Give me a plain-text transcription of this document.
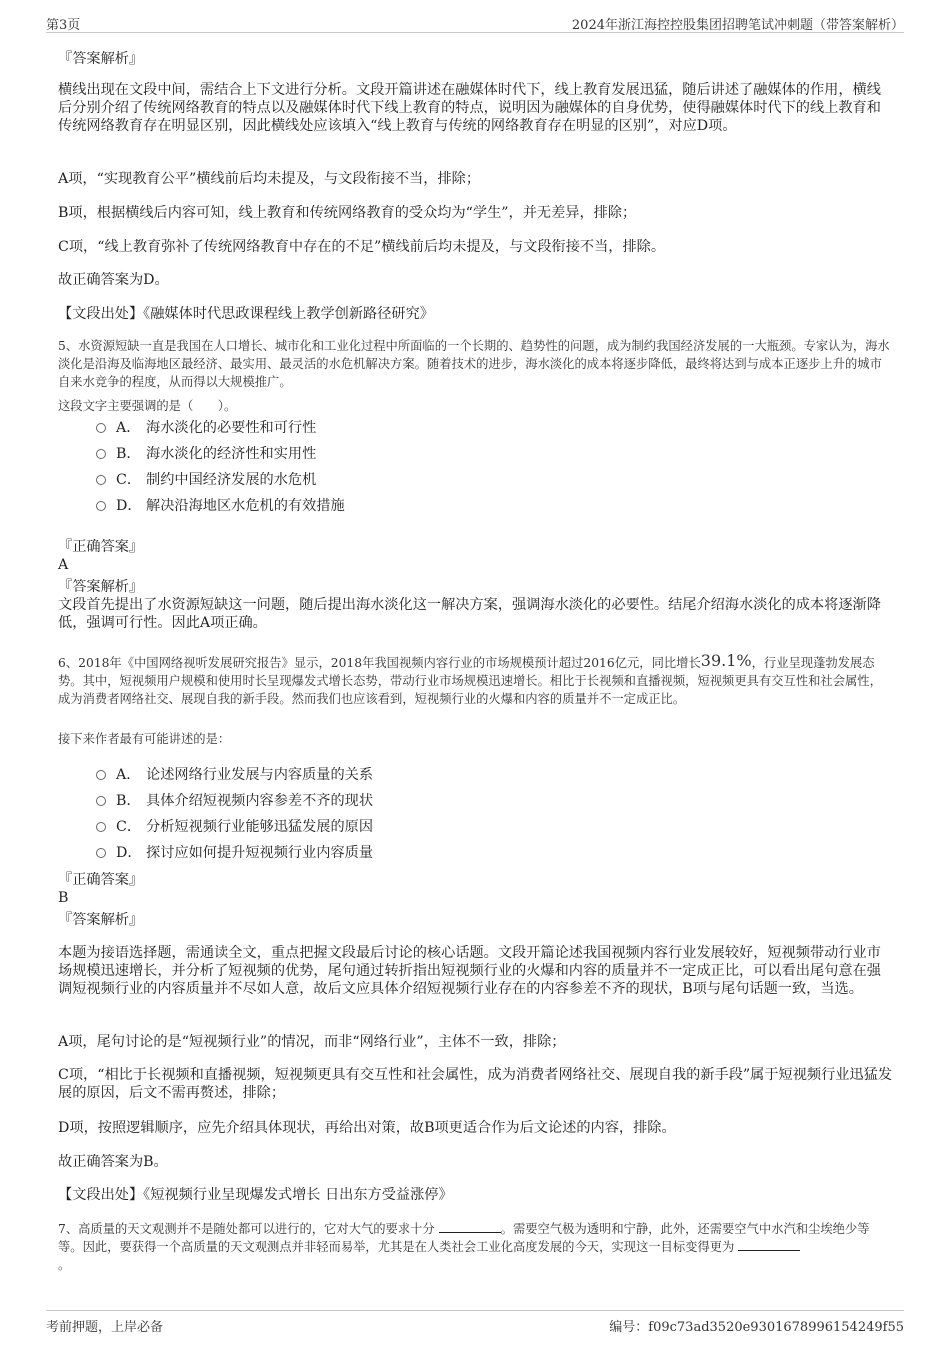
第3页	2024年浙江海控控股集团招聘笔试冲刺题（带答案解析）
『答案解析』
横线出现在文段中间，需结合上下文进行分析。文段开篇讲述在融媒体时代下，线上教育发展迅猛，随后讲述了融媒体的作用，横线后分别介绍了传统网络教育的特点以及融媒体时代下线上教育的特点，说明因为融媒体的自身优势，使得融媒体时代下的线上教育和传统网络教育存在明显区别，因此横线处应该填入“线上教育与传统的网络教育存在明显的区别”，对应D项。
A项，“实现教育公平”横线前后均未提及，与文段衔接不当，排除；
B项，根据横线后内容可知，线上教育和传统网络教育的受众均为“学生”，并无差异，排除；
C项，“线上教育弥补了传统网络教育中存在的不足”横线前后均未提及，与文段衔接不当，排除。
故正确答案为D。
【文段出处】《融媒体时代思政课程线上教学创新路径研究》
5、水资源短缺一直是我国在人口增长、城市化和工业化过程中所面临的一个长期的、趋势性的问题，成为制约我国经济发展的一大瓶颈。专家认为，海水淡化是沿海及临海地区最经济、最实用、最灵活的水危机解决方案。随着技术的进步，海水淡化的成本将逐步降低，最终将达到与成本正逐步上升的城市自来水竞争的程度，从而得以大规模推广。
这段文字主要强调的是（　　）。
A． 海水淡化的必要性和可行性
B． 海水淡化的经济性和实用性
C． 制约中国经济发展的水危机
D． 解决沿海地区水危机的有效措施
『正确答案』
A
『答案解析』
文段首先提出了水资源短缺这一问题，随后提出海水淡化这一解决方案，强调海水淡化的必要性。结尾介绍海水淡化的成本将逐渐降低，强调可行性。因此A项正确。
6、2018年《中国网络视听发展研究报告》显示，2018年我国视频内容行业的市场规模预计超过2016亿元，同比增长39.1%，行业呈现蓬勃发展态势。其中，短视频用户规模和使用时长呈现爆发式增长态势，带动行业市场规模迅速增长。相比于长视频和直播视频，短视频更具有交互性和社会属性，成为消费者网络社交、展现自我的新手段。然而我们也应该看到，短视频行业的火爆和内容的质量并不一定成正比。
接下来作者最有可能讲述的是：
A． 论述网络行业发展与内容质量的关系
B． 具体介绍短视频内容参差不齐的现状
C． 分析短视频行业能够迅猛发展的原因
D． 探讨应如何提升短视频行业内容质量
『正确答案』
B
『答案解析』
本题为接语选择题，需通读全文，重点把握文段最后讨论的核心话题。文段开篇论述我国视频内容行业发展较好，短视频带动行业市场规模迅速增长，并分析了短视频的优势，尾句通过转折指出短视频行业的火爆和内容的质量并不一定成正比，可以看出尾句意在强调短视频行业的内容质量并不尽如人意，故后文应具体介绍短视频行业存在的内容参差不齐的现状，B项与尾句话题一致，当选。
A项，尾句讨论的是“短视频行业”的情况，而非“网络行业”，主体不一致，排除；
C项，“相比于长视频和直播视频，短视频更具有交互性和社会属性，成为消费者网络社交、展现自我的新手段”属于短视频行业迅猛发展的原因，后文不需再赘述，排除；
D项，按照逻辑顺序，应先介绍具体现状，再给出对策，故B项更适合作为后文论述的内容，排除。
故正确答案为B。
【文段出处】《短视频行业呈现爆发式增长 日出东方受益涨停》
7、高质量的天文观测并不是随处都可以进行的，它对大气的要求十分	。需要空气极为透明和宁静，此外，还需要空气中水汽和尘埃绝少等等。因此，要获得一个高质量的天文观测点并非轻而易举，尤其是在人类社会工业化高度发展的今天，实现这一目标变得更为
。
考前押题，上岸必备	编号：f09c73ad3520e9301678996154249f55
